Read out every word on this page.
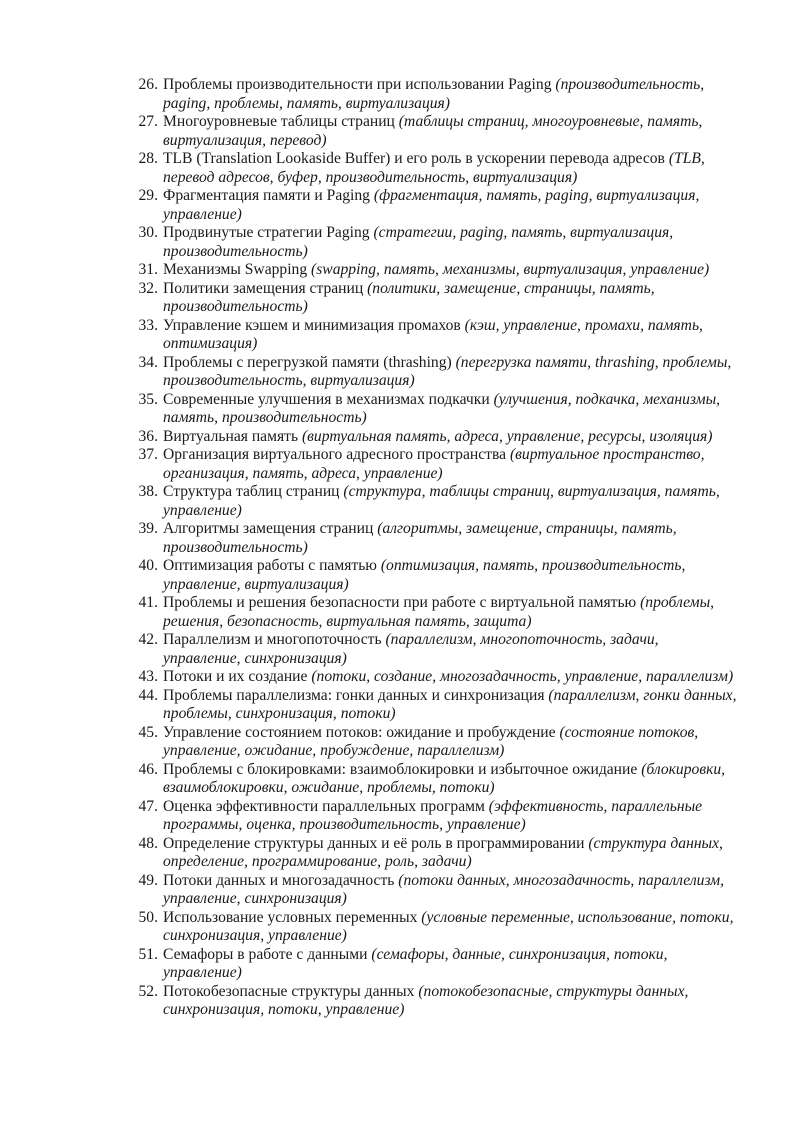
26. Проблемы производительности при использовании Paging (производительность, paging, проблемы, память, виртуализация)
27. Многоуровневые таблицы страниц (таблицы страниц, многоуровневые, память, виртуализация, перевод)
28. TLB (Translation Lookaside Buffer) и его роль в ускорении перевода адресов (TLB, перевод адресов, буфер, производительность, виртуализация)
29. Фрагментация памяти и Paging (фрагментация, память, paging, виртуализация, управление)
30. Продвинутые стратегии Paging (стратегии, paging, память, виртуализация, производительность)
31. Механизмы Swapping (swapping, память, механизмы, виртуализация, управление)
32. Политики замещения страниц (политики, замещение, страницы, память, производительность)
33. Управление кэшем и минимизация промахов (кэш, управление, промахи, память, оптимизация)
34. Проблемы с перегрузкой памяти (thrashing) (перегрузка памяти, thrashing, проблемы, производительность, виртуализация)
35. Современные улучшения в механизмах подкачки (улучшения, подкачка, механизмы, память, производительность)
36. Виртуальная память (виртуальная память, адреса, управление, ресурсы, изоляция)
37. Организация виртуального адресного пространства (виртуальное пространство, организация, память, адреса, управление)
38. Структура таблиц страниц (структура, таблицы страниц, виртуализация, память, управление)
39. Алгоритмы замещения страниц (алгоритмы, замещение, страницы, память, производительность)
40. Оптимизация работы с памятью (оптимизация, память, производительность, управление, виртуализация)
41. Проблемы и решения безопасности при работе с виртуальной памятью (проблемы, решения, безопасность, виртуальная память, защита)
42. Параллелизм и многопоточность (параллелизм, многопоточность, задачи, управление, синхронизация)
43. Потоки и их создание (потоки, создание, многозадачность, управление, параллелизм)
44. Проблемы параллелизма: гонки данных и синхронизация (параллелизм, гонки данных, проблемы, синхронизация, потоки)
45. Управление состоянием потоков: ожидание и пробуждение (состояние потоков, управление, ожидание, пробуждение, параллелизм)
46. Проблемы с блокировками: взаимоблокировки и избыточное ожидание (блокировки, взаимоблокировки, ожидание, проблемы, потоки)
47. Оценка эффективности параллельных программ (эффективность, параллельные программы, оценка, производительность, управление)
48. Определение структуры данных и её роль в программировании (структура данных, определение, программирование, роль, задачи)
49. Потоки данных и многозадачность (потоки данных, многозадачность, параллелизм, управление, синхронизация)
50. Использование условных переменных (условные переменные, использование, потоки, синхронизация, управление)
51. Семафоры в работе с данными (семафоры, данные, синхронизация, потоки, управление)
52. Потокобезопасные структуры данных (потокобезопасные, структуры данных, синхронизация, потоки, управление)
